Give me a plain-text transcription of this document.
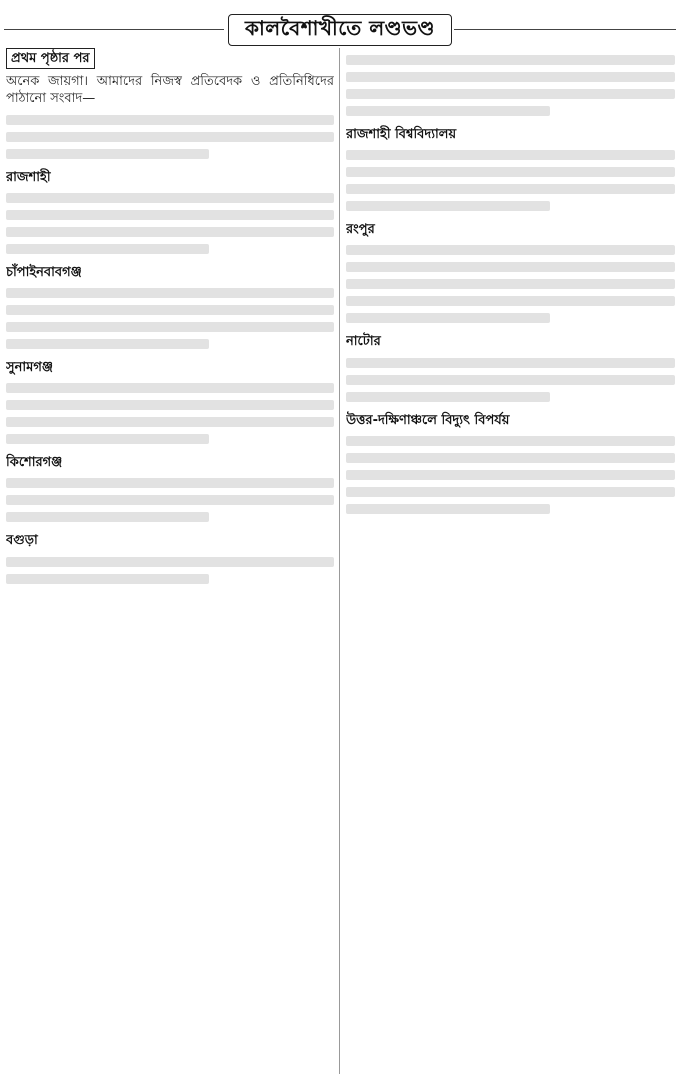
কালবৈশাখীতে লণ্ডভণ্ড
প্রথম পৃষ্ঠার পর
অনেক জায়গা। আমাদের নিজস্ব প্রতিবেদক ও প্রতিনিধিদের পাঠানো সংবাদ—
রাজশাহী
চাঁপাইনবাবগঞ্জ
সুনামগঞ্জ
কিশোরগঞ্জ
বগুড়া
রাজশাহী বিশ্ববিদ্যালয়
রংপুর
নাটোর
উত্তর-দক্ষিণাঞ্চলে বিদ্যুৎ বিপর্যয়
